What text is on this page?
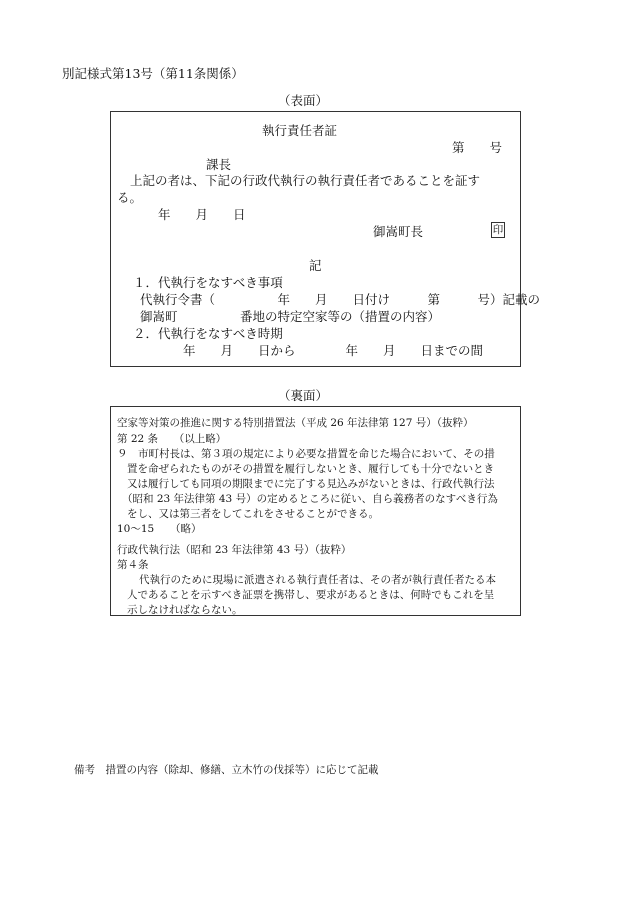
別記様式第13号（第11条関係）
（表面）
執行責任者証
第　　号
課長
上記の者は、下記の行政代執行の執行責任者であることを証す
る。
年　　月　　日
御嵩町長	印
記
１．代執行をなすべき事項
代執行令書（　　　　　年　　月　　日付け　　　第　　　号）記載の
御嵩町　　　　　番地の特定空家等の（措置の内容）
２．代執行をなすべき時期
年　　月　　日から　　　　年　　月　　日までの間
（裏面）
空家等対策の推進に関する特別措置法（平成 26 年法律第 127 号）（抜粋）
第 22 条　　（以上略）
９　市町村長は、第３項の規定により必要な措置を命じた場合において、その措
置を命ぜられたものがその措置を履行しないとき、履行しても十分でないとき
又は履行しても同項の期限までに完了する見込みがないときは、行政代執行法
（昭和 23 年法律第 43 号）の定めるところに従い、自ら義務者のなすべき行為
をし、又は第三者をしてこれをさせることができる。
10～15　　（略）
行政代執行法（昭和 23 年法律第 43 号）（抜粋）
第４条
代執行のために現場に派遣される執行責任者は、その者が執行責任者たる本
人であることを示すべき証票を携帯し、要求があるときは、何時でもこれを呈
示しなければならない。
備考　措置の内容（除却、修繕、立木竹の伐採等）に応じて記載
